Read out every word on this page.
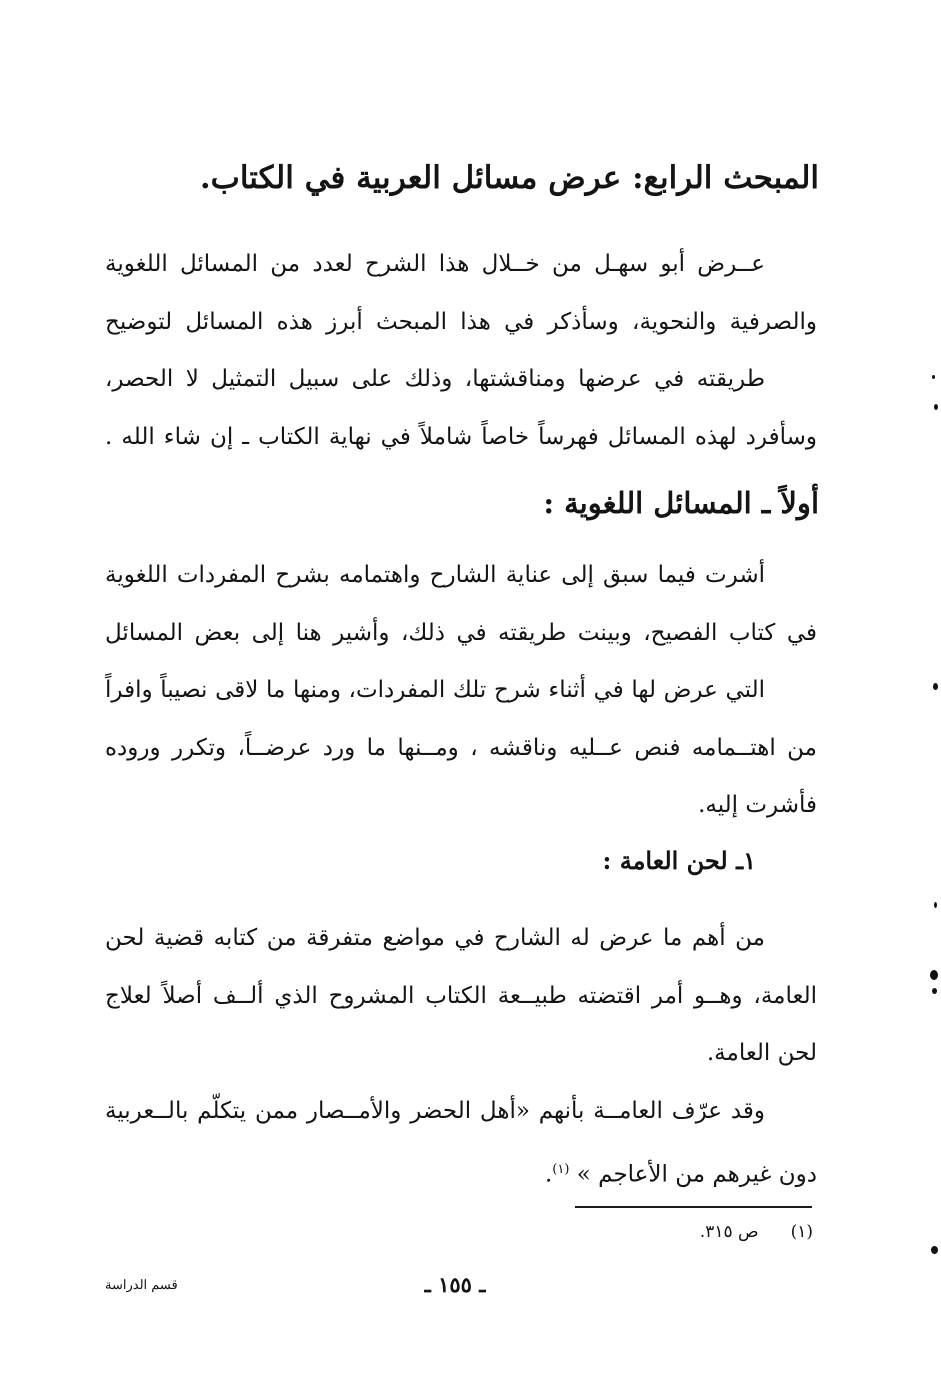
المبحث الرابع: عرض مسائل العربية في الكتاب.

عــرض أبو سهـل من خــلال هذا الشرح لعدد من المسائل اللغوية

والصرفية والنحوية، وسأذكر في هذا المبحث أبرز هذه المسائل لتوضيح

طريقته في عرضها ومناقشتها، وذلك على سبيل التمثيل لا الحصر،

وسأفرد لهذه المسائل فهرساً خاصاً شاملاً في نهاية الكتاب ـ إن شاء الله .

أولاً ـ المسائل اللغوية :

أشرت فيما سبق إلى عناية الشارح واهتمامه بشرح المفردات اللغوية

في كتاب الفصيح، وبينت طريقته في ذلك، وأشير هنا إلى بعض المسائل

التي عرض لها في أثناء شرح تلك المفردات، ومنها ما لاقى نصيباً وافراً

من اهتــمامه فنص عــليه وناقشه ، ومــنها ما ورد عرضــاً، وتكرر وروده

فأشرت إليه.

١ـ لحن العامة :

من أهم ما عرض له الشارح في مواضع متفرقة من كتابه قضية لحن

العامة، وهــو أمر اقتضته طبيــعة الكتاب المشروح الذي ألــف أصلاً لعلاج

لحن العامة.

وقد عرّف العامــة بأنهم «أهل الحضر والأمــصار ممن يتكلّم بالــعربية

دون غيرهم من الأعاجم » $^{(١)}$.

(١)ص ٣١٥.
ـ ١٥٥ ـ
قسم الدراسة
